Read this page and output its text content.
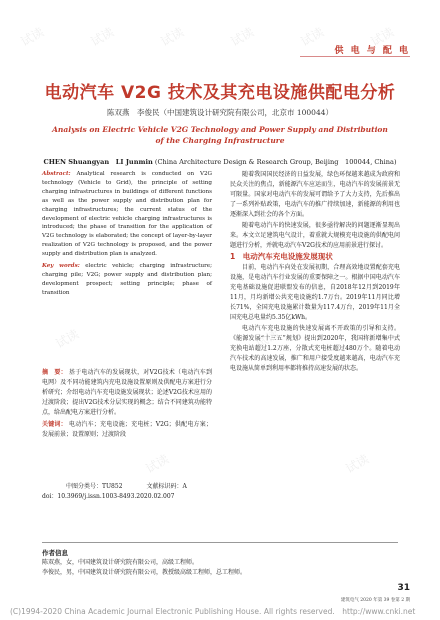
试读	试读	试读	试读	试读	试读
试读	试读
试读	试读
供 电 与 配 电
电动汽车 V2G 技术及其充电设施供配电分析
陈双燕　李俊民（中国建筑设计研究院有限公司，北京市 100044）
Analysis on Electric Vehicle V2G Technology and Power Supply and Distribution
of the Charging Infrastructure
CHEN Shuangyan　LI Junmin (China Architecture Design & Research Group, Beijing　100044, China)
Abstract: Analytical research is conducted on V2G technology (Vehicle to Grid), the principle of setting charging infrastructures in buildings of different functions as well as the power supply and distribution plan for charging infrastructures; the current status of the development of electric vehicle charging infrastructures is introduced; the phase of transition for the application of V2G technology is elaborated; the concept of layer-by-layer realization of V2G technology is proposed, and the power supply and distribution plan is analyzed.
Key words: electric vehicle; charging infrastructure; charging pile; V2G; power supply and distribution plan; development prospect; setting principle; phase of transition
摘　要： 基于电动汽车的发展现状，对V2G技术（电动汽车到电网）及不同功能建筑内充电设施设置原则及供配电方案进行分析研究；介绍电动汽车充电设施发展现状；论述V2G技术应用的过渡阶段；提出V2G技术分层实现的概念；结合不同建筑功能特点，给出配电方案进行分析。
关键词： 电动汽车；充电设施；充电桩；V2G；供配电方案；发展前景；设置原则；过渡阶段
中图分类号：TU852　　　　文献标识码：A
doi：10.3969/j.issn.1003-8493.2020.02.007

随着我国国民经济的日益发展，绿色环保越来越成为政府和民众关注的焦点，新能源汽车应运而生，电动汽车的发展前景无可限量。国家对电动汽车的发展可谓给予了大力支持，先后推出了一系列补贴政策，电动汽车的推广持续加速，新能源的利用也逐渐深入到社会的各个方面。

随着电动汽车的快速发展，很多亟待解决的问题逐渐显现出来。本文立足建筑电气设计，着重就大规模充电设施的供配电问题进行分析，并就电动汽车V2G技术的应用前景进行探讨。

1　电动汽车充电设施发展现状

目前，电动汽车向处在发展初期，合理高效地设置配套充电设施，是电动汽车行业发展的重要保障之一。根据中国电动汽车充电基础设施促进联盟发布的信息，自2018年12月到2019年11月，月均新增公共充电设施约1.7万台。2019年11月同比增长71%，全国充电设施累计数量为117.4万台，2019年11月全国充电总电量约5.35亿kWh。

电动汽车充电设施的快速发展离不开政策的引导和支持。《能源发展“十三五”规划》提出到2020年，我国将新增集中式充换电站超过1.2万座，分散式充电桩超过480万个。随着电动汽车技术的高速发展，推广和用户接受度越来越高，电动汽车充电设施从简单到利用率都将推持高速发展的状态。

作者信息
陈双燕，女，中国建筑设计研究院有限公司，高级工程师。
李俊民，男，中国建筑设计研究院有限公司，教授级高级工程师，总工程师。
31
建筑电气 2020 年第 39 卷第 2 期
(C)1994-2020 China Academic Journal Electronic Publishing House. All rights reserved.　http://www.cnki.net
